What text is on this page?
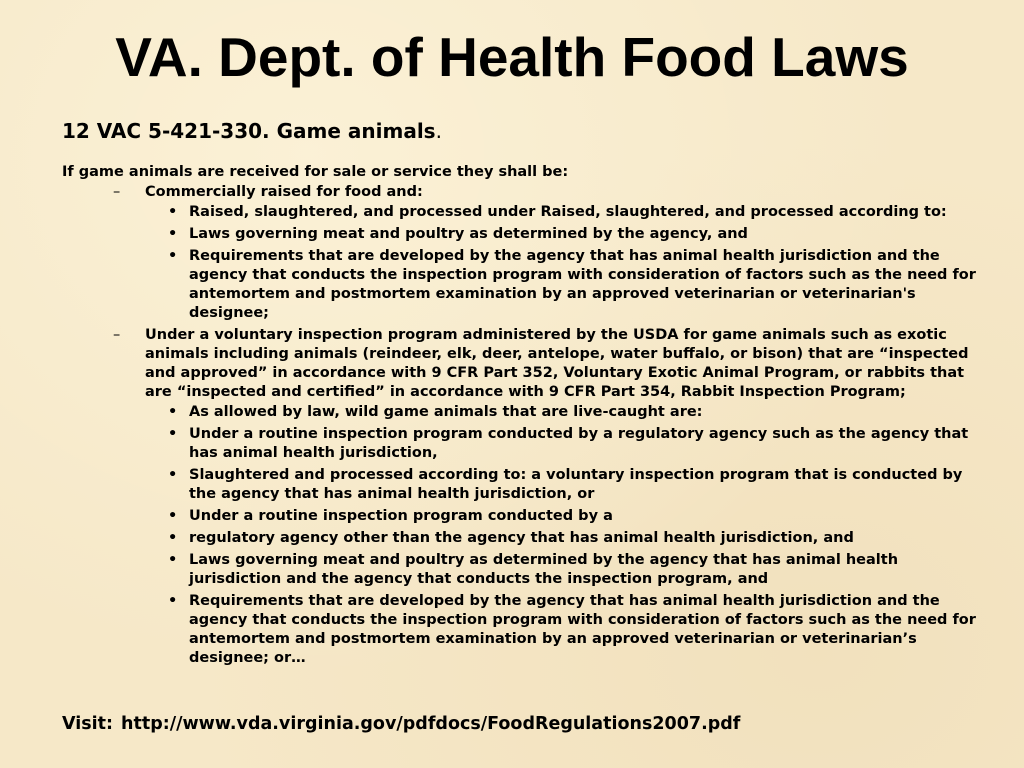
VA. Dept. of Health Food Laws
12 VAC 5-421-330. Game animals.
If game animals are received for sale or service they shall be:
– Commercially raised for food and:
• Raised, slaughtered, and processed under Raised, slaughtered, and processed according to:
• Laws governing meat and poultry as determined by the agency, and
• Requirements that are developed by the agency that has animal health jurisdiction and the agency that conducts the inspection program with consideration of factors such as the need for antemortem and postmortem examination by an approved veterinarian or veterinarian's designee;
– Under a voluntary inspection program administered by the USDA for game animals such as exotic animals including animals (reindeer, elk, deer, antelope, water buffalo, or bison) that are “inspected and approved” in accordance with 9 CFR Part 352, Voluntary Exotic Animal Program, or rabbits that are “inspected and certified” in accordance with 9 CFR Part 354, Rabbit Inspection Program;
• As allowed by law, wild game animals that are live-caught are:
• Under a routine inspection program conducted by a regulatory agency such as the agency that has animal health jurisdiction,
• Slaughtered and processed according to: a voluntary inspection program that is conducted by the agency that has animal health jurisdiction, or
• Under a routine inspection program conducted by a
• regulatory agency other than the agency that has animal health jurisdiction, and
• Laws governing meat and poultry as determined by the agency that has animal health jurisdiction and the agency that conducts the inspection program, and
• Requirements that are developed by the agency that has animal health jurisdiction and the agency that conducts the inspection program with consideration of factors such as the need for antemortem and postmortem examination by an approved veterinarian or veterinarian’s designee; or…
Visit: http://www.vda.virginia.gov/pdfdocs/FoodRegulations2007.pdf
